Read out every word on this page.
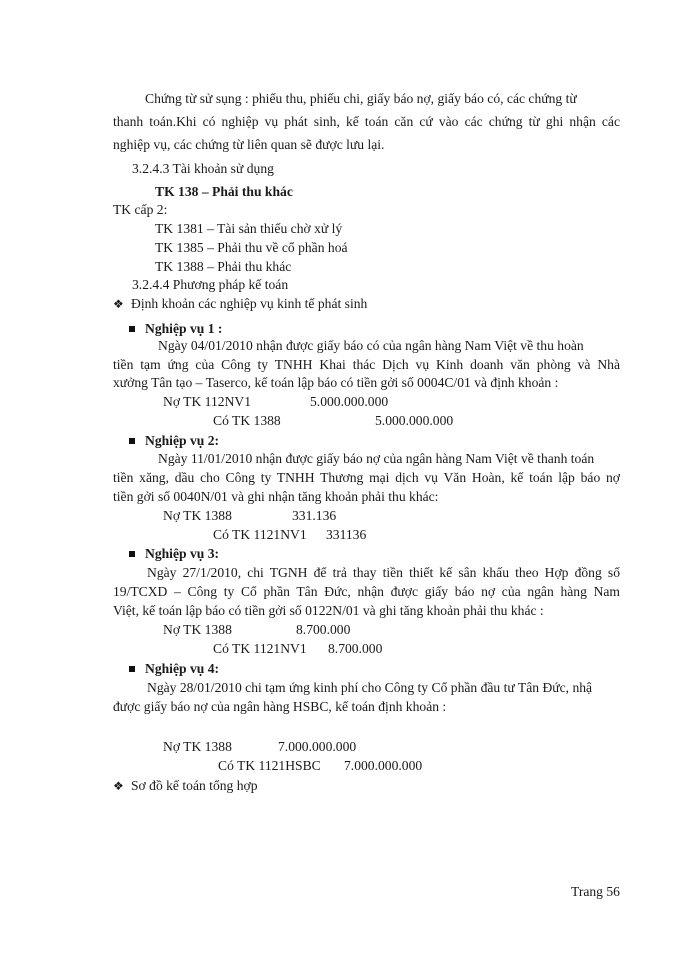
Chứng từ sử sụng : phiếu thu, phiếu chi, giấy báo nợ, giấy báo có, các chứng từ
thanh toán.Khi có nghiệp vụ phát sinh, kế toán căn cứ vào các chứng từ ghi nhận các
nghiệp vụ, các chứng từ liên quan sẽ được lưu lại.
3.2.4.3 Tài khoản sử dụng
TK 138 – Phải thu khác
TK cấp 2:
TK 1381 – Tài sản thiếu chờ xử lý
TK 1385 – Phải thu về cổ phần hoá
TK 1388 – Phải thu khác
3.2.4.4 Phương pháp kế toán
❖ Định khoản các nghiệp vụ kinh tế phát sinh
Nghiệp vụ 1 :
Ngày 04/01/2010 nhận được giấy báo có của ngân hàng Nam Việt về thu hoàn
tiền tạm ứng của Công ty TNHH Khai thác Dịch vụ Kinh doanh văn phòng và Nhà
xưởng Tân tạo – Taserco, kế toán lập báo có tiền gởi số 0004C/01 và định khoản :
Nợ TK 112NV1	5.000.000.000
Có TK 1388	5.000.000.000
Nghiệp vụ 2:
Ngày 11/01/2010 nhận được giấy báo nợ của ngân hàng Nam Việt về thanh toán
tiền xăng, dầu cho Công ty TNHH Thương mại dịch vụ Văn Hoàn, kế toán lập báo nợ
tiền gởi số 0040N/01 và ghi nhận tăng khoản phải thu khác:
Nợ TK 1388	331.136
Có TK 1121NV1 331136
Nghiệp vụ 3:
Ngày 27/1/2010, chi TGNH để trả thay tiền thiết kế sân khấu theo Hợp đồng số
19/TCXD – Công ty Cổ phần Tân Đức, nhận được giấy báo nợ của ngân hàng Nam
Việt, kế toán lập báo có tiền gởi số 0122N/01 và ghi tăng khoản phải thu khác :
Nợ TK 1388	8.700.000
Có TK 1121NV1 8.700.000
Nghiệp vụ 4:
Ngày 28/01/2010 chi tạm ứng kinh phí cho Công ty Cổ phần đầu tư Tân Đức, nhậ
được giấy báo nợ của ngân hàng HSBC, kế toán định khoản :
Nợ TK 1388	7.000.000.000
Có TK 1121HSBC 7.000.000.000
❖ Sơ đồ kế toán tổng hợp
Trang 56
